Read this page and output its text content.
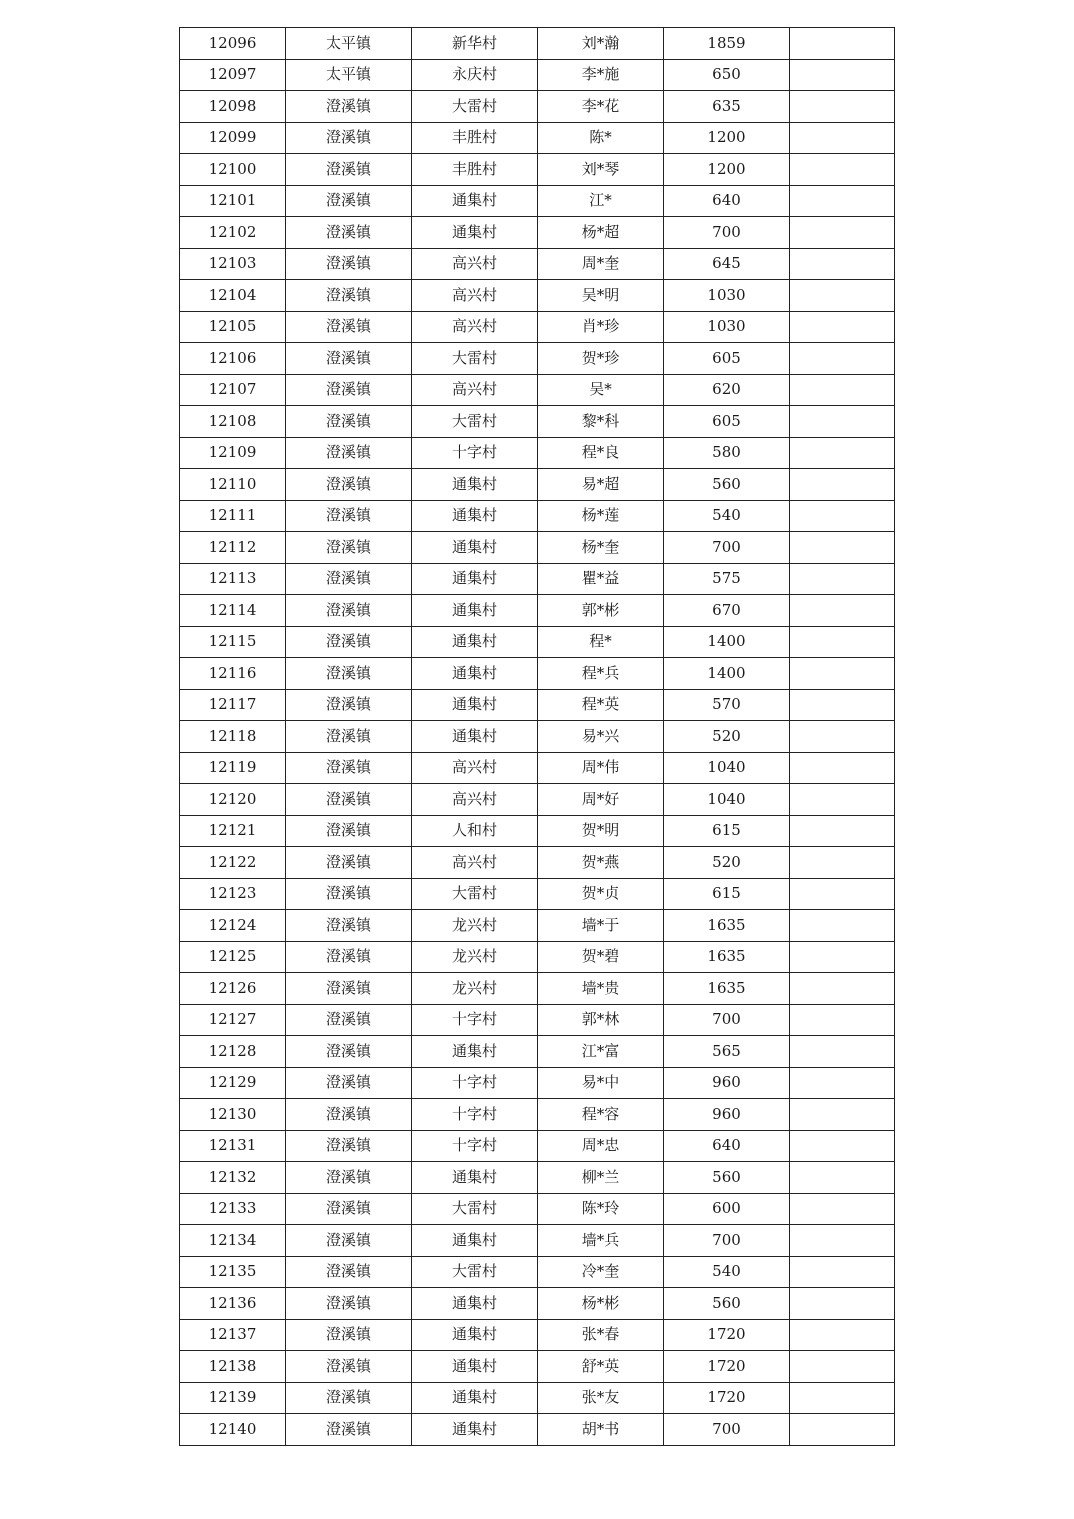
12096	太平镇	新华村	刘*瀚	1859	
12097	太平镇	永庆村	李*施	650	
12098	澄溪镇	大雷村	李*花	635	
12099	澄溪镇	丰胜村	陈*	1200	
12100	澄溪镇	丰胜村	刘*琴	1200	
12101	澄溪镇	通集村	江*	640	
12102	澄溪镇	通集村	杨*超	700	
12103	澄溪镇	高兴村	周*奎	645	
12104	澄溪镇	高兴村	吴*明	1030	
12105	澄溪镇	高兴村	肖*珍	1030	
12106	澄溪镇	大雷村	贺*珍	605	
12107	澄溪镇	高兴村	吴*	620	
12108	澄溪镇	大雷村	黎*科	605	
12109	澄溪镇	十字村	程*良	580	
12110	澄溪镇	通集村	易*超	560	
12111	澄溪镇	通集村	杨*莲	540	
12112	澄溪镇	通集村	杨*奎	700	
12113	澄溪镇	通集村	瞿*益	575	
12114	澄溪镇	通集村	郭*彬	670	
12115	澄溪镇	通集村	程*	1400	
12116	澄溪镇	通集村	程*兵	1400	
12117	澄溪镇	通集村	程*英	570	
12118	澄溪镇	通集村	易*兴	520	
12119	澄溪镇	高兴村	周*伟	1040	
12120	澄溪镇	高兴村	周*好	1040	
12121	澄溪镇	人和村	贺*明	615	
12122	澄溪镇	高兴村	贺*燕	520	
12123	澄溪镇	大雷村	贺*贞	615	
12124	澄溪镇	龙兴村	墙*于	1635	
12125	澄溪镇	龙兴村	贺*碧	1635	
12126	澄溪镇	龙兴村	墙*贵	1635	
12127	澄溪镇	十字村	郭*林	700	
12128	澄溪镇	通集村	江*富	565	
12129	澄溪镇	十字村	易*中	960	
12130	澄溪镇	十字村	程*容	960	
12131	澄溪镇	十字村	周*忠	640	
12132	澄溪镇	通集村	柳*兰	560	
12133	澄溪镇	大雷村	陈*玲	600	
12134	澄溪镇	通集村	墙*兵	700	
12135	澄溪镇	大雷村	冷*奎	540	
12136	澄溪镇	通集村	杨*彬	560	
12137	澄溪镇	通集村	张*春	1720	
12138	澄溪镇	通集村	舒*英	1720	
12139	澄溪镇	通集村	张*友	1720	
12140	澄溪镇	通集村	胡*书	700	
